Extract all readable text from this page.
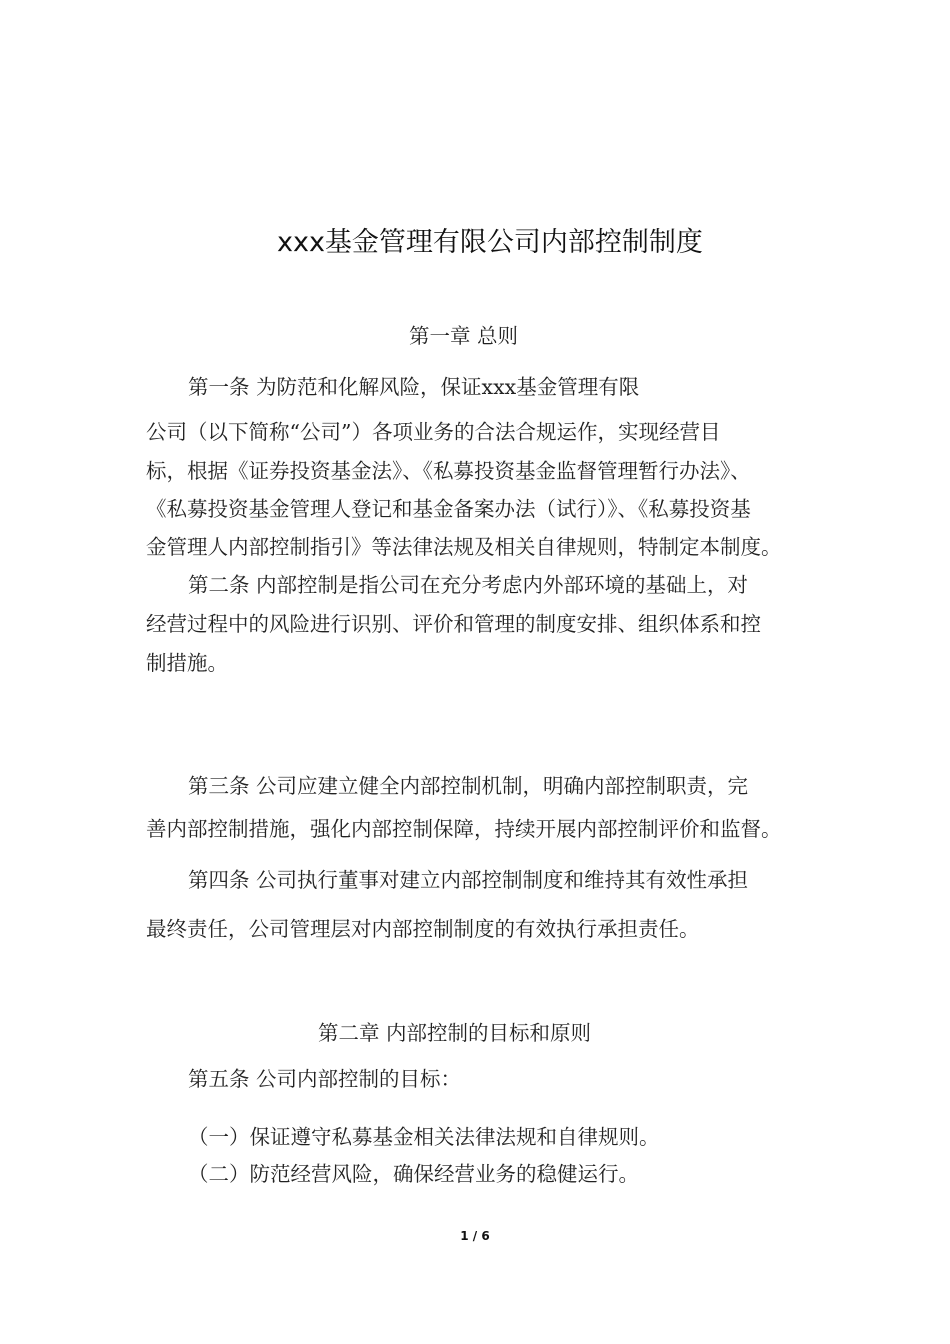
xxx基金管理有限公司内部控制制度
第一章 总则
第一条 为防范和化解风险，保证xxx基金管理有限
公司（以下简称“公司”）各项业务的合法合规运作，实现经营目
标，根据《证券投资基金法》、《私募投资基金监督管理暂行办法》、
《私募投资基金管理人登记和基金备案办法（试行）》、《私募投资基
金管理人内部控制指引》等法律法规及相关自律规则，特制定本制度。
第二条 内部控制是指公司在充分考虑内外部环境的基础上，对
经营过程中的风险进行识别、评价和管理的制度安排、组织体系和控
制措施。
第三条 公司应建立健全内部控制机制，明确内部控制职责，完
善内部控制措施，强化内部控制保障，持续开展内部控制评价和监督。
第四条 公司执行董事对建立内部控制制度和维持其有效性承担
最终责任，公司管理层对内部控制制度的有效执行承担责任。
第二章 内部控制的目标和原则
第五条 公司内部控制的目标：
（一）保证遵守私募基金相关法律法规和自律规则。
（二）防范经营风险，确保经营业务的稳健运行。
1 / 6
